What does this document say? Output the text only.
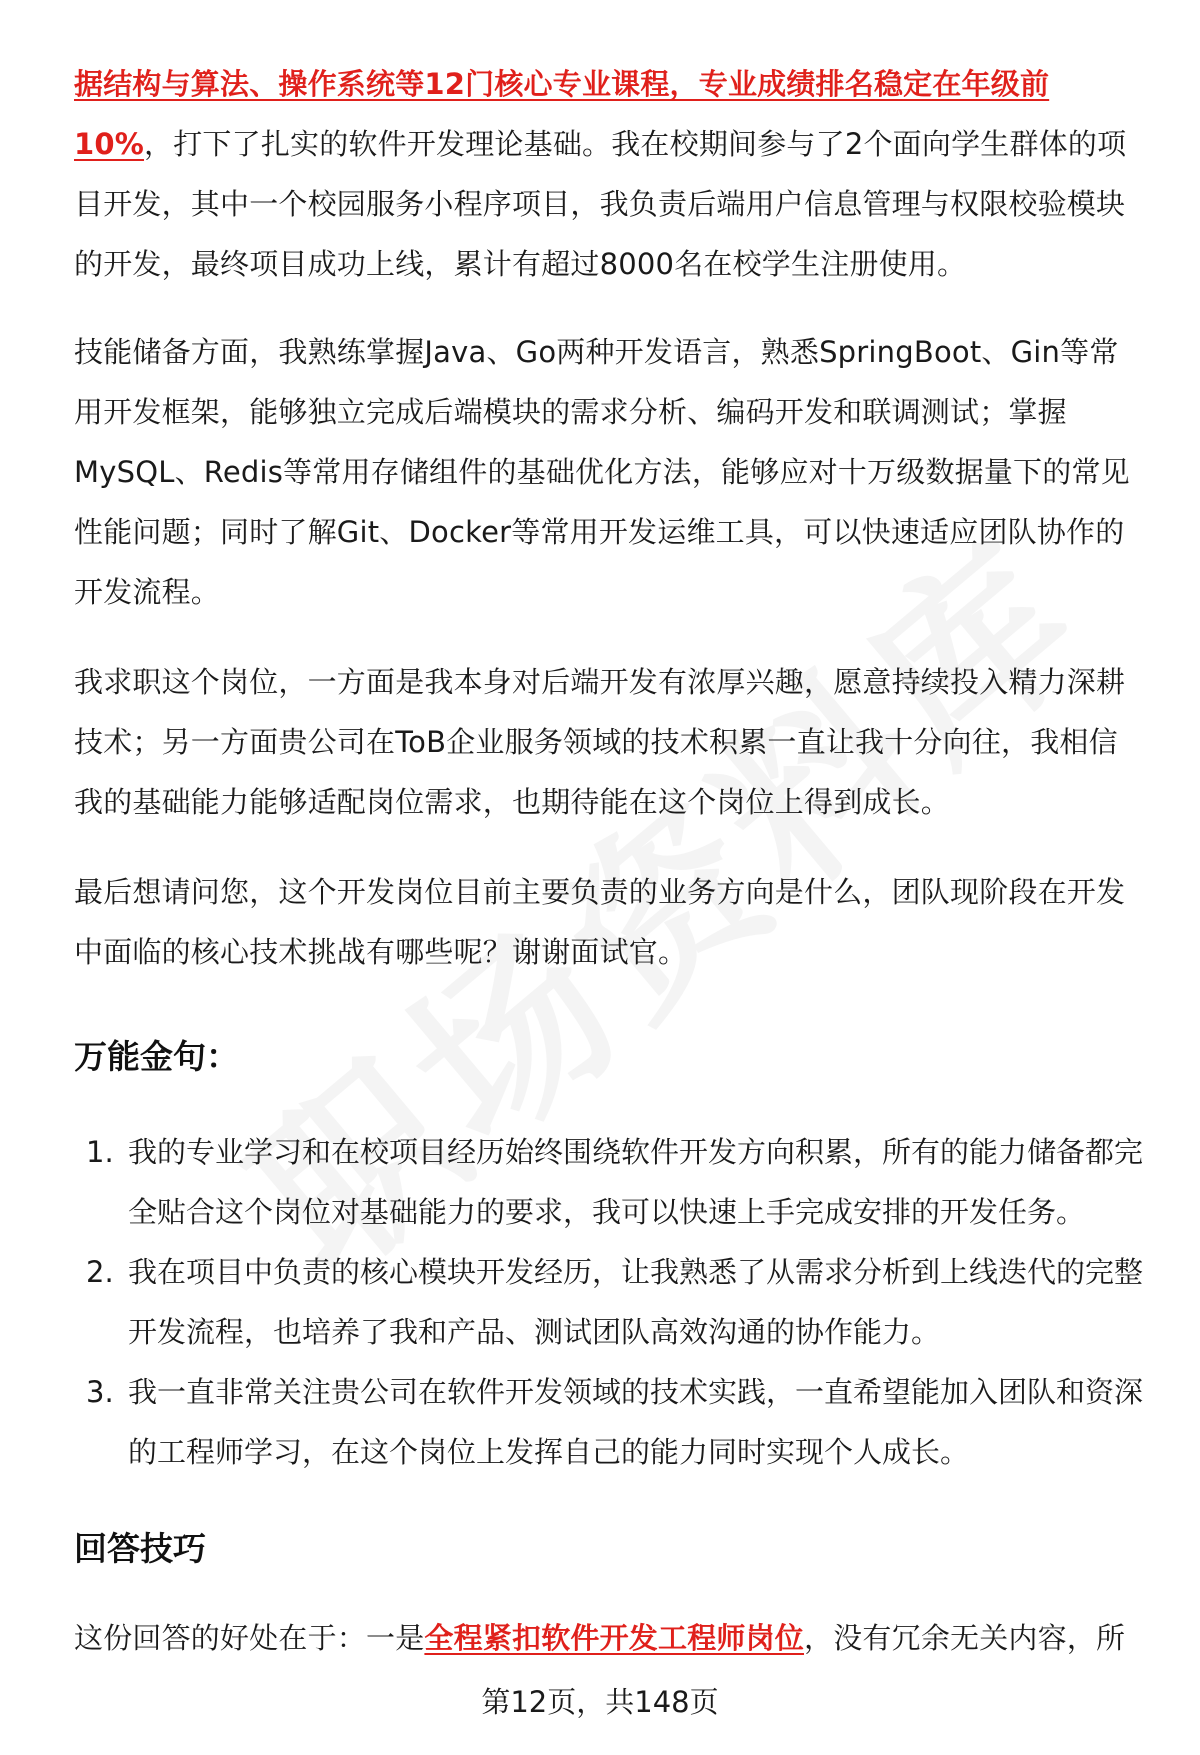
据结构与算法、操作系统等12门核心专业课程，专业成绩排名稳定在年级前10%，打下了扎实的软件开发理论基础。我在校期间参与了2个面向学生群体的项目开发，其中一个校园服务小程序项目，我负责后端用户信息管理与权限校验模块的开发，最终项目成功上线，累计有超过8000名在校学生注册使用。

技能储备方面，我熟练掌握Java、Go两种开发语言，熟悉SpringBoot、Gin等常用开发框架，能够独立完成后端模块的需求分析、编码开发和联调测试；掌握MySQL、Redis等常用存储组件的基础优化方法，能够应对十万级数据量下的常见性能问题；同时了解Git、Docker等常用开发运维工具，可以快速适应团队协作的开发流程。

我求职这个岗位，一方面是我本身对后端开发有浓厚兴趣，愿意持续投入精力深耕技术；另一方面贵公司在ToB企业服务领域的技术积累一直让我十分向往，我相信我的基础能力能够适配岗位需求，也期待能在这个岗位上得到成长。

最后想请问您，这个开发岗位目前主要负责的业务方向是什么，团队现阶段在开发中面临的核心技术挑战有哪些呢？谢谢面试官。

万能金句：
1. 我的专业学习和在校项目经历始终围绕软件开发方向积累，所有的能力储备都完全贴合这个岗位对基础能力的要求，我可以快速上手完成安排的开发任务。
2. 我在项目中负责的核心模块开发经历，让我熟悉了从需求分析到上线迭代的完整开发流程，也培养了我和产品、测试团队高效沟通的协作能力。
3. 我一直非常关注贵公司在软件开发领域的技术实践，一直希望能加入团队和资深的工程师学习，在这个岗位上发挥自己的能力同时实现个人成长。
回答技巧

这份回答的好处在于：一是全程紧扣软件开发工程师岗位，没有冗余无关内容，所

第12页，共148页
